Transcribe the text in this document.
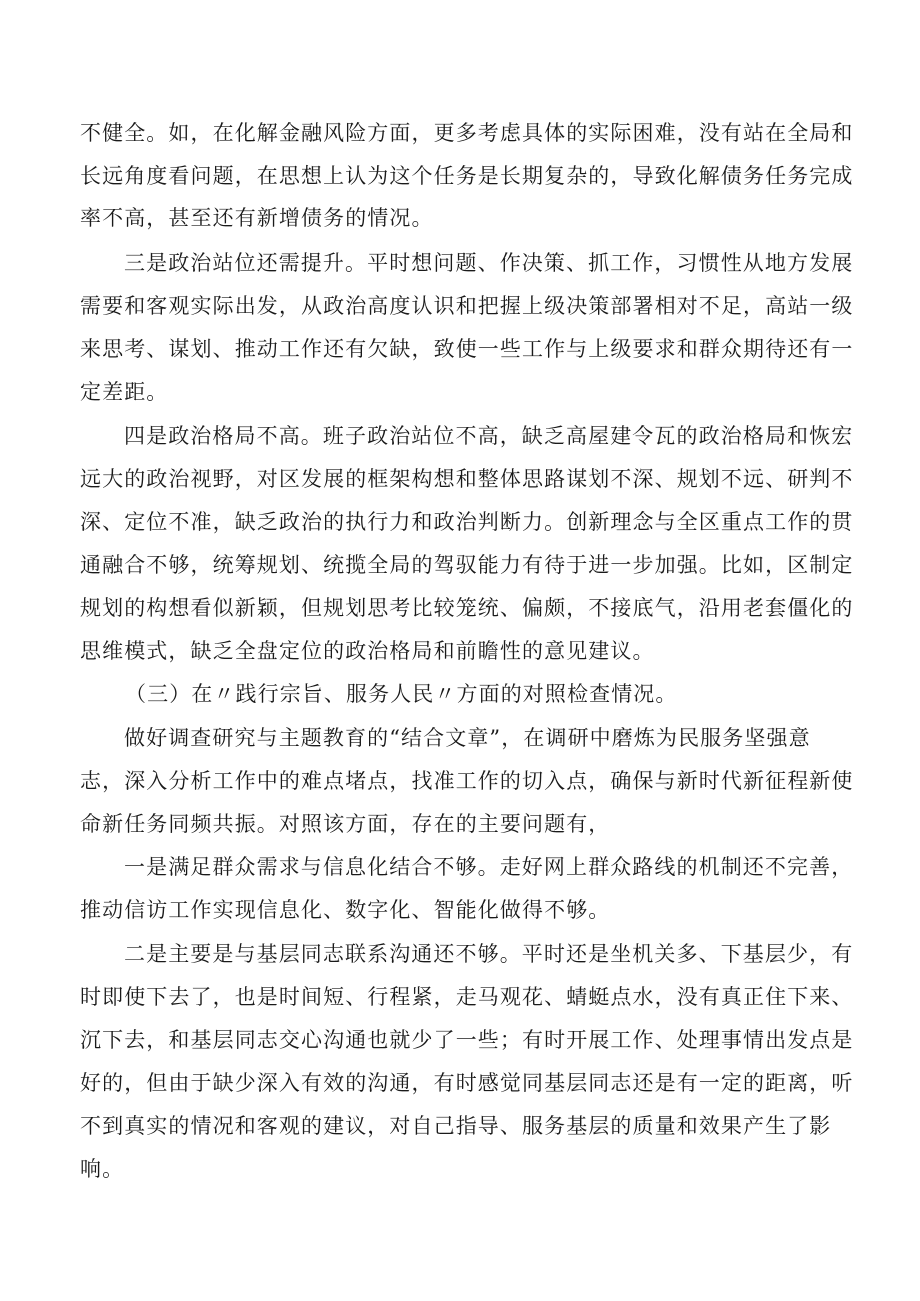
不健全。如，在化解金融风险方面，更多考虑具体的实际困难，没有站在全局和
长远角度看问题，在思想上认为这个任务是长期复杂的，导致化解债务任务完成
率不高，甚至还有新增债务的情况。
三是政治站位还需提升。平时想问题、作决策、抓工作，习惯性从地方发展
需要和客观实际出发，从政治高度认识和把握上级决策部署相对不足，高站一级
来思考、谋划、推动工作还有欠缺，致使一些工作与上级要求和群众期待还有一
定差距。
四是政治格局不高。班子政治站位不高，缺乏高屋建令瓦的政治格局和恢宏
远大的政治视野，对区发展的框架构想和整体思路谋划不深、规划不远、研判不
深、定位不准，缺乏政治的执行力和政治判断力。创新理念与全区重点工作的贯
通融合不够，统筹规划、统揽全局的驾驭能力有待于进一步加强。比如，区制定
规划的构想看似新颖，但规划思考比较笼统、偏颇，不接底气，沿用老套僵化的
思维模式，缺乏全盘定位的政治格局和前瞻性的意见建议。
（三）在〃践行宗旨、服务人民〃方面的对照检查情况。
做好调查研究与主题教育的“结合文章”，在调研中磨炼为民服务坚强意
志，深入分析工作中的难点堵点，找准工作的切入点，确保与新时代新征程新使
命新任务同频共振。对照该方面，存在的主要问题有，
一是满足群众需求与信息化结合不够。走好网上群众路线的机制还不完善，
推动信访工作实现信息化、数字化、智能化做得不够。
二是主要是与基层同志联系沟通还不够。平时还是坐机关多、下基层少，有
时即使下去了，也是时间短、行程紧，走马观花、蜻蜓点水，没有真正住下来、
沉下去，和基层同志交心沟通也就少了一些；有时开展工作、处理事情出发点是
好的，但由于缺少深入有效的沟通，有时感觉同基层同志还是有一定的距离，听
不到真实的情况和客观的建议，对自己指导、服务基层的质量和效果产生了影
响。
